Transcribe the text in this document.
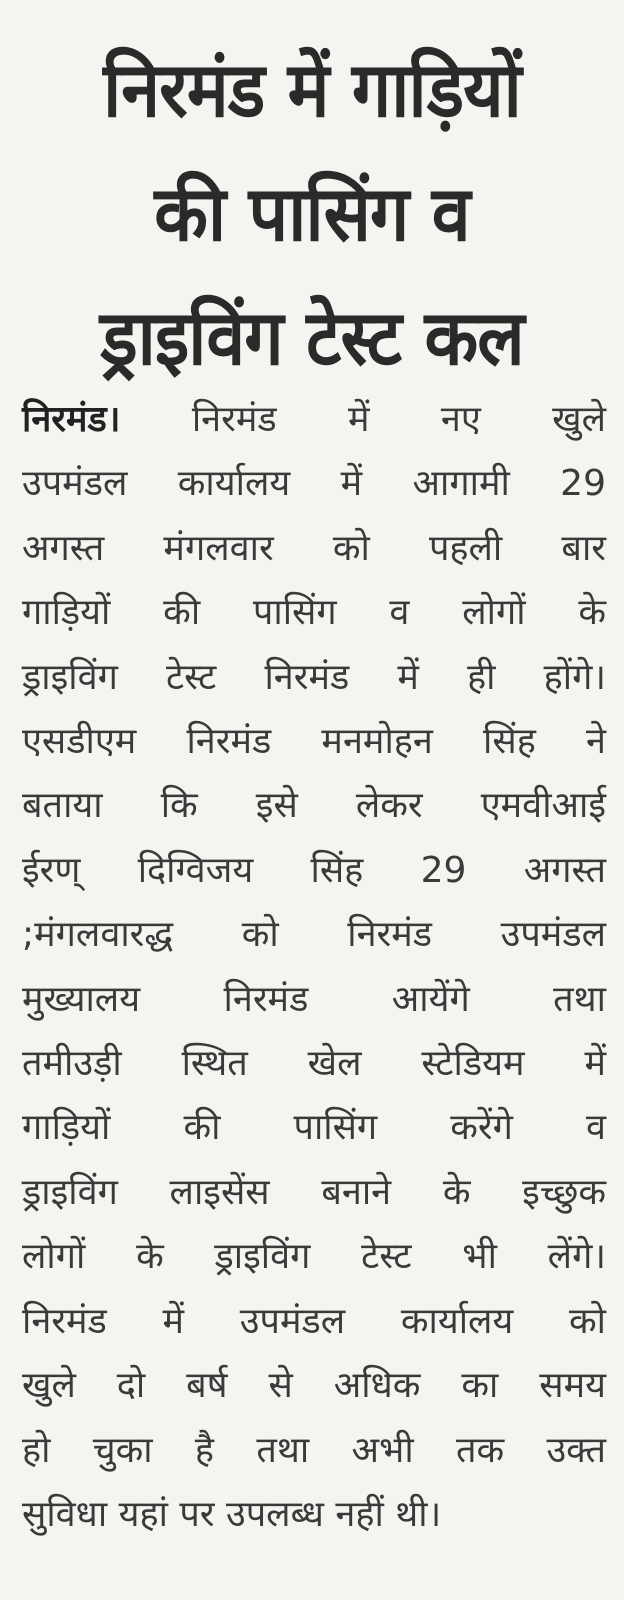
निरमंड में गाड़ियों
की पासिंग व
ड्राइविंग टेस्ट कल
निरमंड। निरमंड में नए खुले
उपमंडल कार्यालय में आगामी 29
अगस्त मंगलवार को पहली बार
गाड़ियों की पासिंग व लोगों के
ड्राइविंग टेस्ट निरमंड में ही होंगे।
एसडीएम निरमंड मनमोहन सिंह ने
बताया कि इसे लेकर एमवीआई
ईरण् दिग्विजय सिंह 29 अगस्त
;मंगलवारद्ध को निरमंड उपमंडल
मुख्यालय निरमंड आयेंगे तथा
तमीउड़ी स्थित खेल स्टेडियम में
गाड़ियों की पासिंग करेंगे व
ड्राइविंग लाइसेंस बनाने के इच्छुक
लोगों के ड्राइविंग टेस्ट भी लेंगे।
निरमंड में उपमंडल कार्यालय को
खुले दो बर्ष से अधिक का समय
हो चुका है तथा अभी तक उक्त
सुविधा यहां पर उपलब्ध नहीं थी।
